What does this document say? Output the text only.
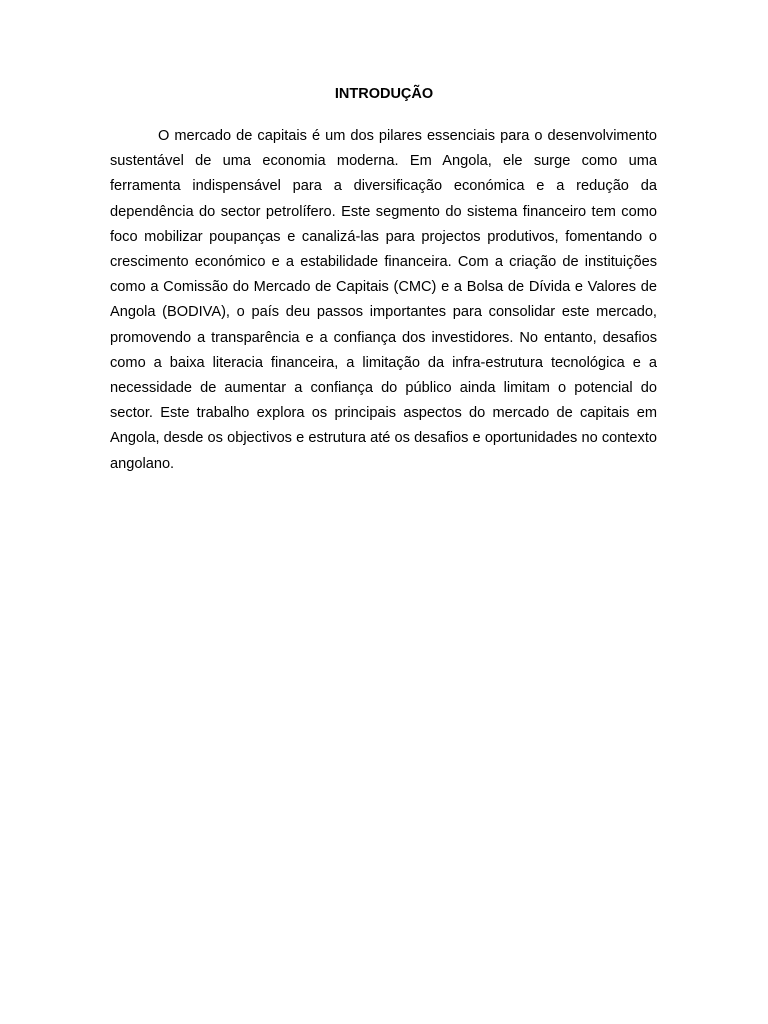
INTRODUÇÃO

O mercado de capitais é um dos pilares essenciais para o desenvolvimento sustentável de uma economia moderna. Em Angola, ele surge como uma ferramenta indispensável para a diversificação económica e a redução da dependência do sector petrolífero. Este segmento do sistema financeiro tem como foco mobilizar poupanças e canalizá-las para projectos produtivos, fomentando o crescimento económico e a estabilidade financeira. Com a criação de instituições como a Comissão do Mercado de Capitais (CMC) e a Bolsa de Dívida e Valores de Angola (BODIVA), o país deu passos importantes para consolidar este mercado, promovendo a transparência e a confiança dos investidores. No entanto, desafios como a baixa literacia financeira, a limitação da infra-estrutura tecnológica e a necessidade de aumentar a confiança do público ainda limitam o potencial do sector. Este trabalho explora os principais aspectos do mercado de capitais em Angola, desde os objectivos e estrutura até os desafios e oportunidades no contexto angolano.
